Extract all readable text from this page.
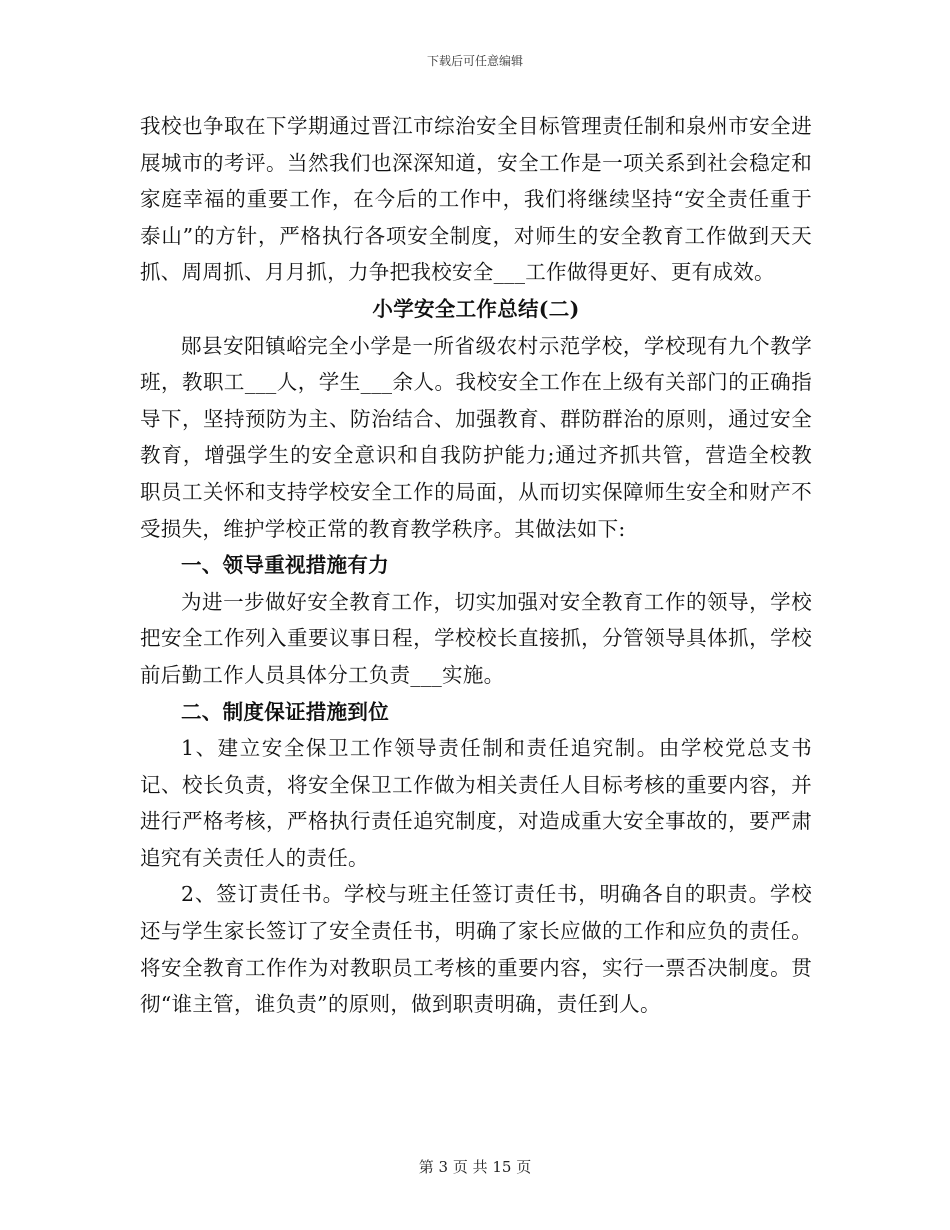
下载后可任意编辑

我校也争取在下学期通过晋江市综治安全目标管理责任制和泉州市安全进展城市的考评。当然我们也深深知道，安全工作是一项关系到社会稳定和家庭幸福的重要工作，在今后的工作中，我们将继续坚持“安全责任重于泰山”的方针，严格执行各项安全制度，对师生的安全教育工作做到天天抓、周周抓、月月抓，力争把我校安全___工作做得更好、更有成效。

小学安全工作总结(二)

郧县安阳镇峪完全小学是一所省级农村示范学校，学校现有九个教学班，教职工___人，学生___余人。我校安全工作在上级有关部门的正确指导下，坚持预防为主、防治结合、加强教育、群防群治的原则，通过安全教育，增强学生的安全意识和自我防护能力;通过齐抓共管，营造全校教职员工关怀和支持学校安全工作的局面，从而切实保障师生安全和财产不受损失，维护学校正常的教育教学秩序。其做法如下:

一、领导重视措施有力

为进一步做好安全教育工作，切实加强对安全教育工作的领导，学校把安全工作列入重要议事日程，学校校长直接抓，分管领导具体抓，学校前后勤工作人员具体分工负责___实施。

二、制度保证措施到位

1、建立安全保卫工作领导责任制和责任追究制。由学校党总支书记、校长负责，将安全保卫工作做为相关责任人目标考核的重要内容，并进行严格考核，严格执行责任追究制度，对造成重大安全事故的，要严肃追究有关责任人的责任。

2、签订责任书。学校与班主任签订责任书，明确各自的职责。学校还与学生家长签订了安全责任书，明确了家长应做的工作和应负的责任。将安全教育工作作为对教职员工考核的重要内容，实行一票否决制度。贯彻“谁主管，谁负责”的原则，做到职责明确，责任到人。

第 3 页 共 15 页
